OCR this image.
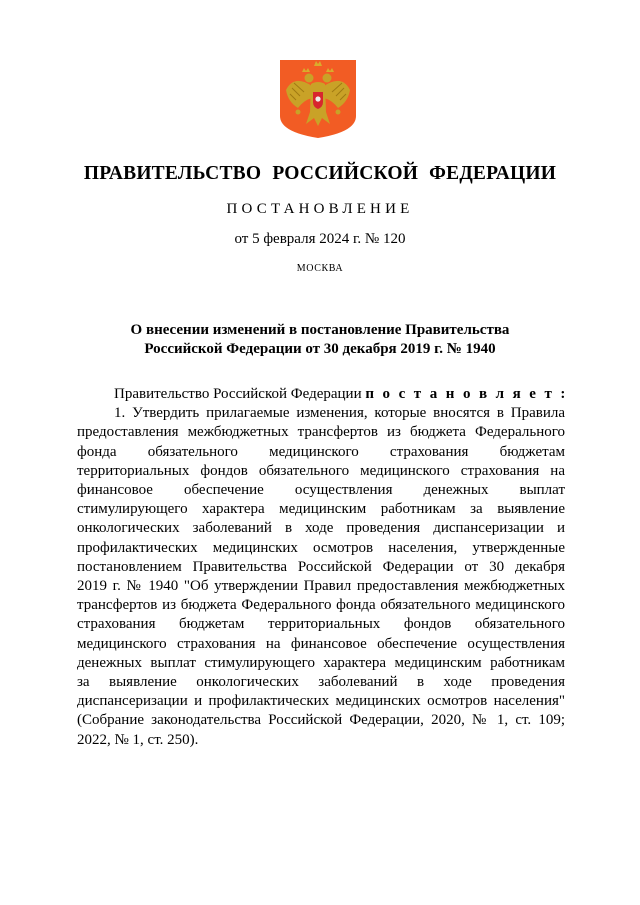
ПРАВИТЕЛЬСТВО РОССИЙСКОЙ ФЕДЕРАЦИИ
ПОСТАНОВЛЕНИЕ
от 5 февраля 2024 г. № 120
МОСКВА
О внесении изменений в постановление Правительства
Российской Федерации от 30 декабря 2019 г. № 1940

Правительство Российской Федерации п о с т а н о в л я е т :

1. Утвердить прилагаемые изменения, которые вносятся в Правила
предоставления межбюджетных трансфертов из бюджета Федерального
фонда обязательного медицинского страхования бюджетам
территориальных фондов обязательного медицинского страхования на
финансовое обеспечение осуществления денежных выплат
стимулирующего характера медицинским работникам за выявление
онкологических заболеваний в ходе проведения диспансеризации и
профилактических медицинских осмотров населения, утвержденные
постановлением Правительства Российской Федерации от 30 декабря
2019 г. № 1940 "Об утверждении Правил предоставления межбюджетных
трансфертов из бюджета Федерального фонда обязательного медицинского
страхования бюджетам территориальных фондов обязательного
медицинского страхования на финансовое обеспечение осуществления
денежных выплат стимулирующего характера медицинским работникам
за выявление онкологических заболеваний в ходе проведения
диспансеризации и профилактических медицинских осмотров населения"
(Собрание законодательства Российской Федерации, 2020, № 1, ст. 109;
2022, № 1, ст. 250).
